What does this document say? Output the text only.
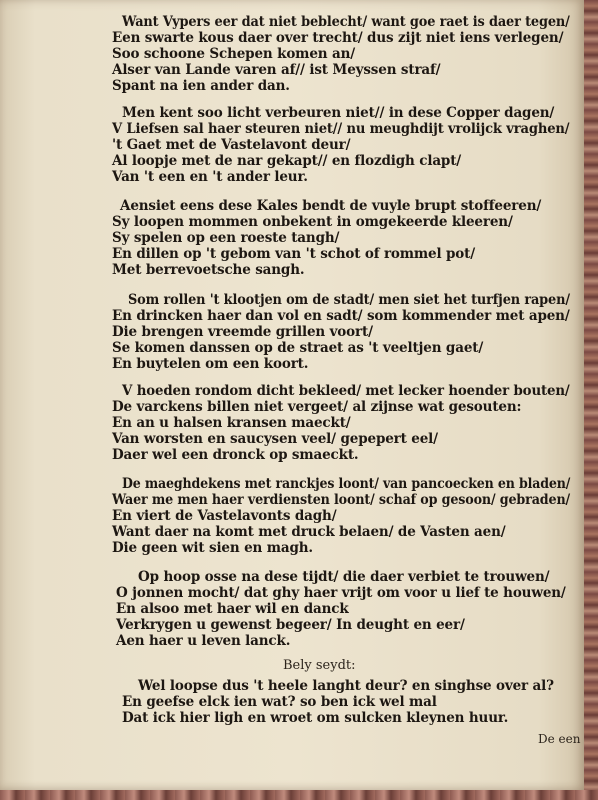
Want Vypers eer dat niet beblecht/ want goe raet is daer tegen/
Een swarte kous daer over trecht/ dus zijt niet iens verlegen/
Soo schoone Schepen komen an/
Alser van Lande varen af// ist Meyssen straf/
Spant na ien ander dan.
Men kent soo licht verbeuren niet// in dese Copper dagen/
V Liefsen sal haer steuren niet// nu meughdijt vrolijck vraghen/
't Gaet met de Vastelavont deur/
Al loopje met de nar gekapt// en flozdigh clapt/
Van 't een en 't ander leur.
Aensiet eens dese Kales bendt de vuyle brupt stoffeeren/
Sy loopen mommen onbekent in omgekeerde kleeren/
Sy spelen op een roeste tangh/
En dillen op 't gebom van 't schot of rommel pot/
Met berrevoetsche sangh.
Som rollen 't klootjen om de stadt/ men siet het turfjen rapen/
En drincken haer dan vol en sadt/ som kommender met apen/
Die brengen vreemde grillen voort/
Se komen danssen op de straet as 't veeltjen gaet/
En buytelen om een koort.
V hoeden rondom dicht bekleed/ met lecker hoender bouten/
De varckens billen niet vergeet/ al zijnse wat gesouten:
En an u halsen kransen maeckt/
Van worsten en saucysen veel/ gepepert eel/
Daer wel een dronck op smaeckt.
De maeghdekens met ranckjes loont/ van pancoecken en bladen/
Waer me men haer verdiensten loont/ schaf op gesoon/ gebraden/
En viert de Vastelavonts dagh/
Want daer na komt met druck belaen/ de Vasten aen/
Die geen wit sien en magh.
Op hoop osse na dese tijdt/ die daer verbiet te trouwen/
O jonnen mocht/ dat ghy haer vrijt om voor u lief te houwen/
En alsoo met haer wil en danck
Verkrygen u gewenst begeer/ In deught en eer/
Aen haer u leven lanck.
Bely seydt:
Wel loopse dus 't heele langht deur? en singhse over al?
En geefse elck ien wat? so ben ick wel mal
Dat ick hier ligh en wroet om sulcken kleynen huur.
De een
